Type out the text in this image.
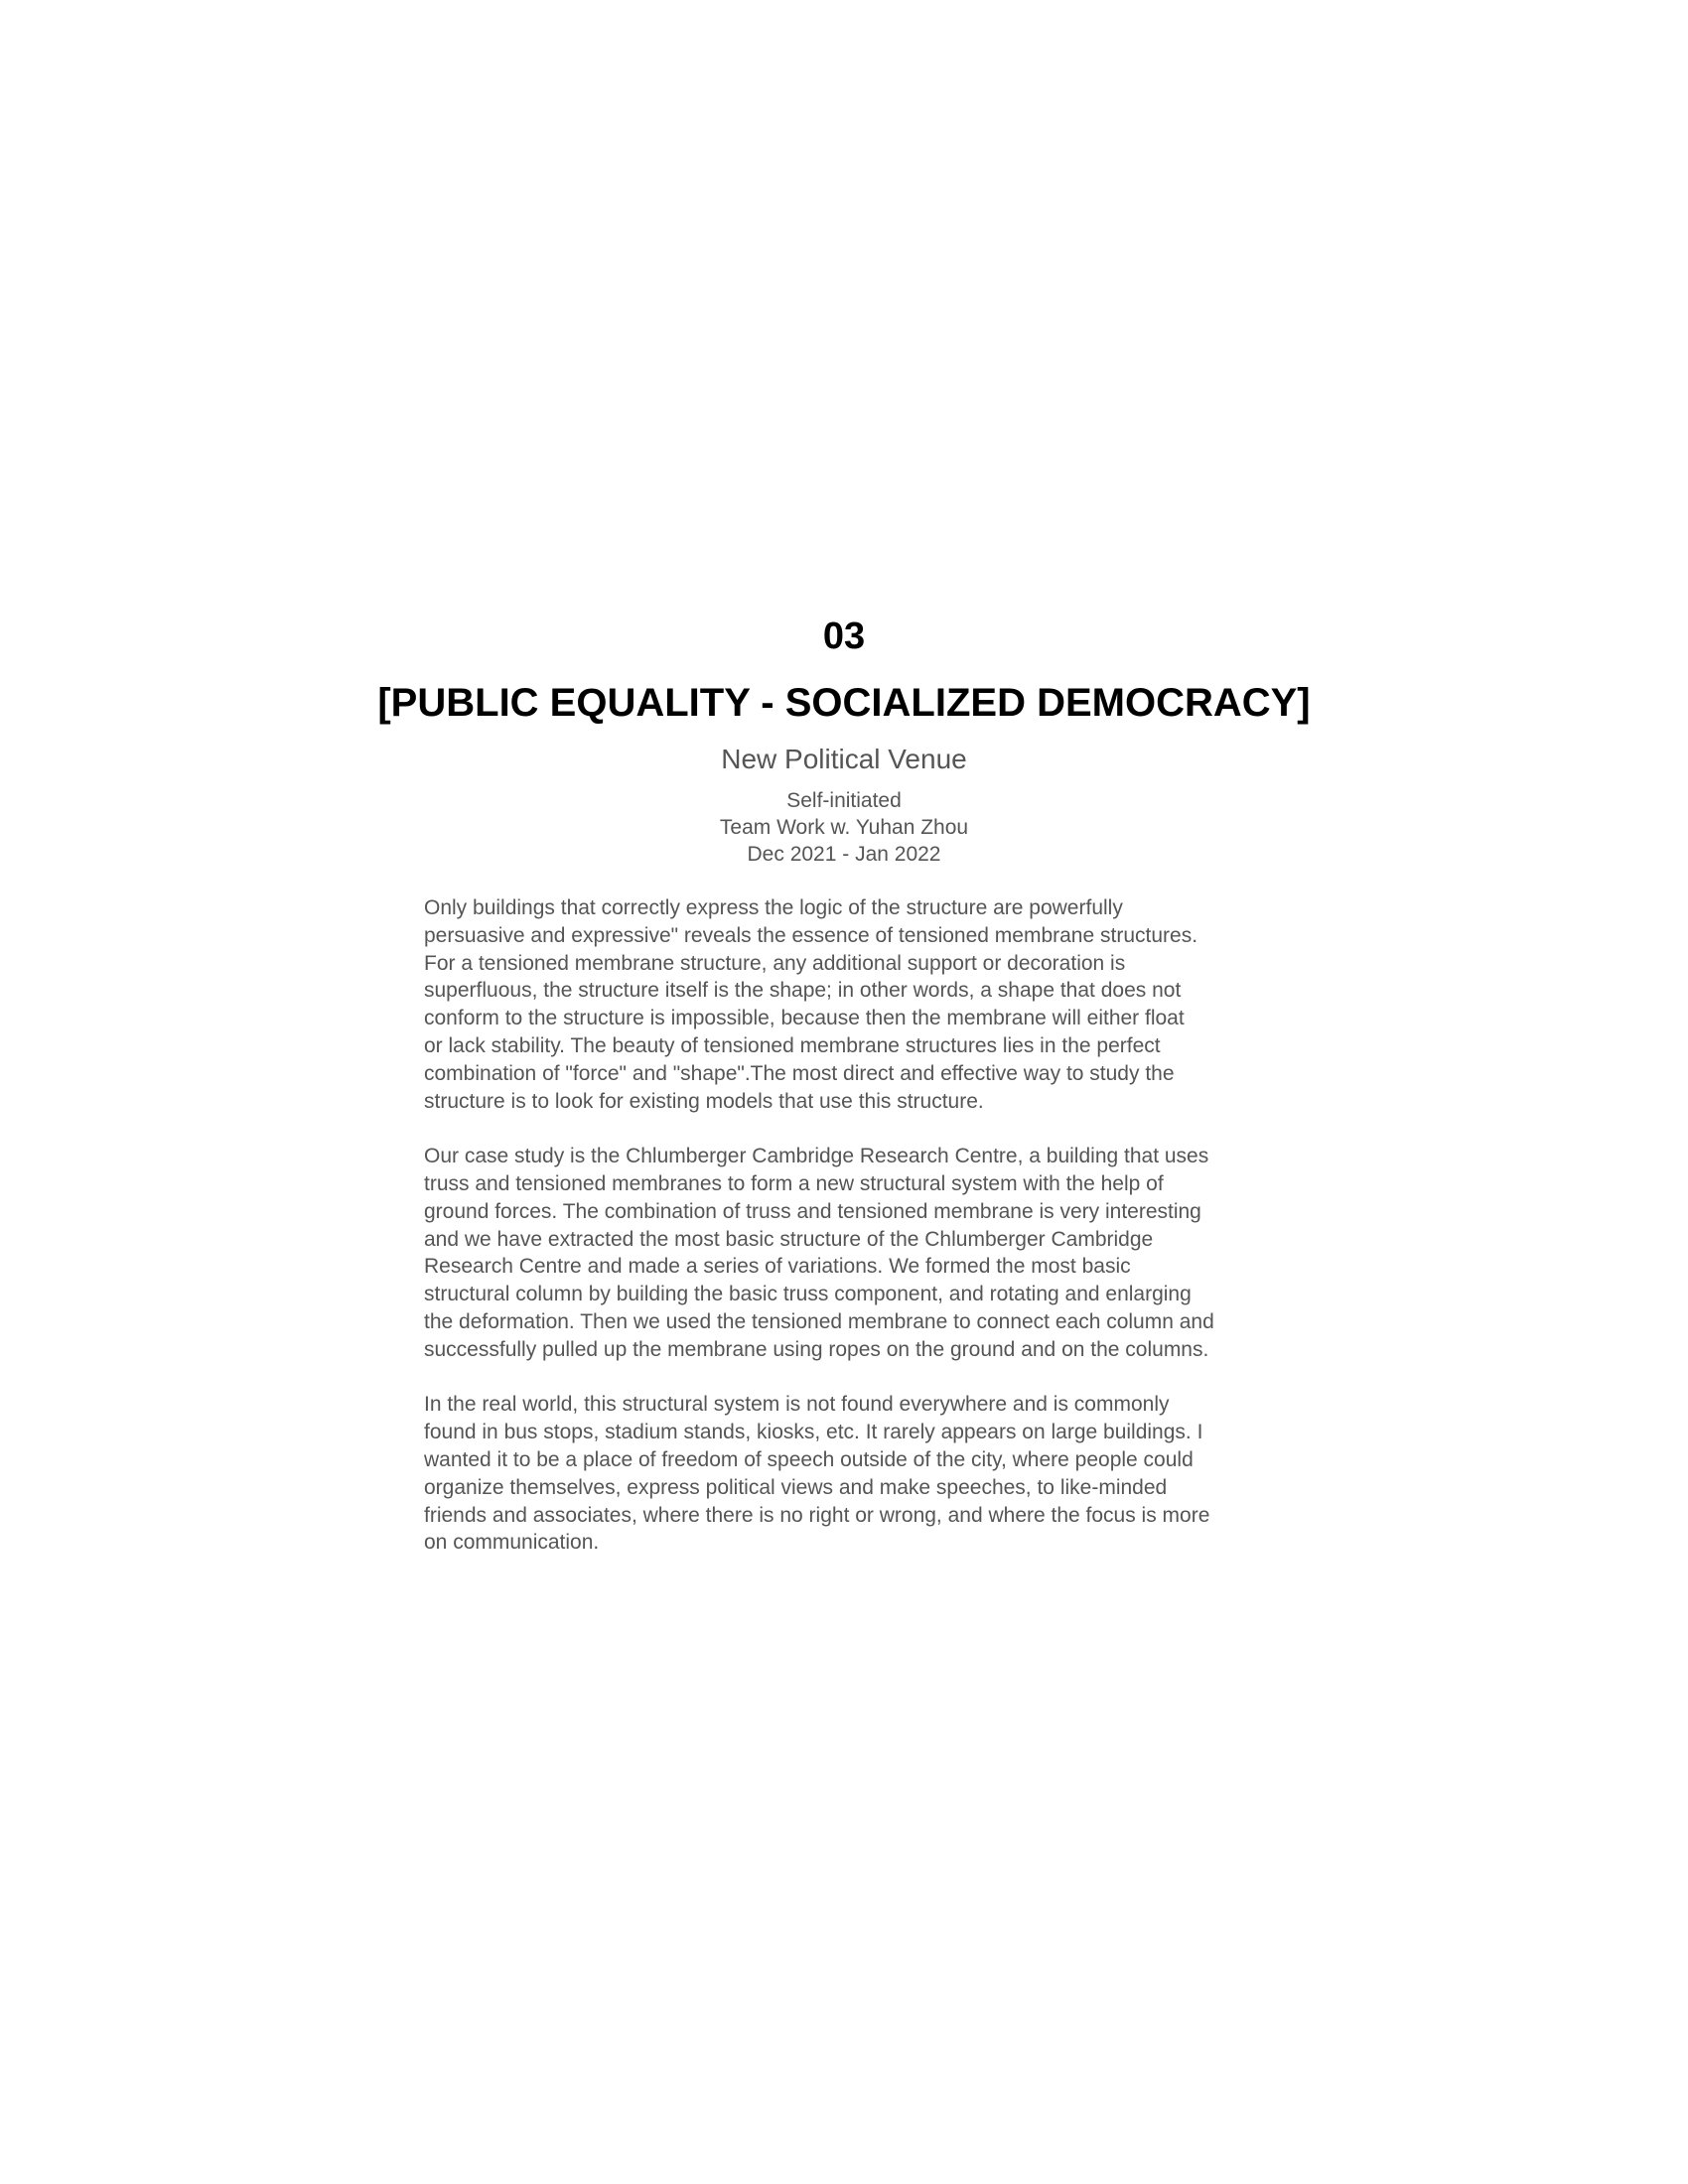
03
[PUBLIC EQUALITY - SOCIALIZED DEMOCRACY]
New Political Venue
Self-initiated
Team Work w. Yuhan Zhou
Dec 2021 - Jan 2022
Only buildings that correctly express the logic of the structure are powerfully
persuasive and expressive" reveals the essence of tensioned membrane structures.
For a tensioned membrane structure, any additional support or decoration is
superfluous, the structure itself is the shape; in other words, a shape that does not
conform to the structure is impossible, because then the membrane will either float
or lack stability. The beauty of tensioned membrane structures lies in the perfect
combination of "force" and "shape".The most direct and effective way to study the
structure is to look for existing models that use this structure.
Our case study is the Chlumberger Cambridge Research Centre, a building that uses
truss and tensioned membranes to form a new structural system with the help of
ground forces. The combination of truss and tensioned membrane is very interesting
and we have extracted the most basic structure of the Chlumberger Cambridge
Research Centre and made a series of variations. We formed the most basic
structural column by building the basic truss component, and rotating and enlarging
the deformation. Then we used the tensioned membrane to connect each column and
successfully pulled up the membrane using ropes on the ground and on the columns.
In the real world, this structural system is not found everywhere and is commonly
found in bus stops, stadium stands, kiosks, etc. It rarely appears on large buildings. I
wanted it to be a place of freedom of speech outside of the city, where people could
organize themselves, express political views and make speeches, to like-minded
friends and associates, where there is no right or wrong, and where the focus is more
on communication.
